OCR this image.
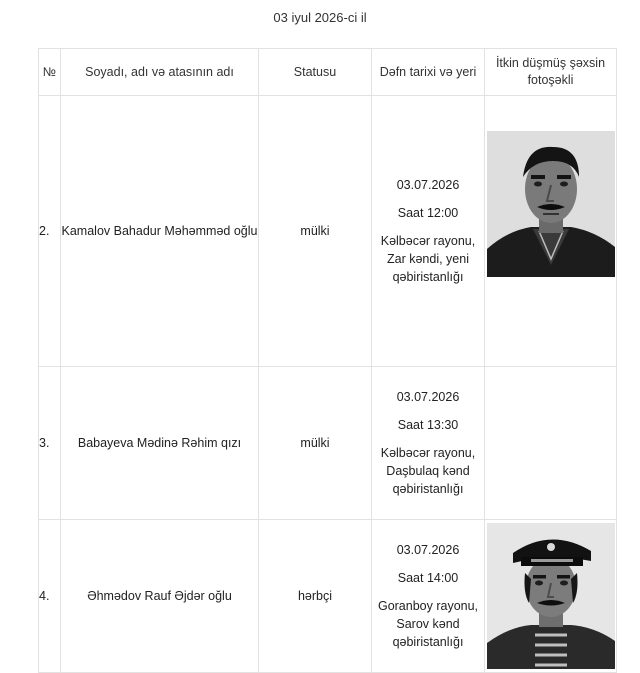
03 iyul 2026-ci il
№	Soyadı, adı və atasının adı	Statusu	Dəfn tarixi və yeri	İtkin düşmüş şəxsin fotoşəkli
2.	Kamalov Bahadur Məhəmməd oğlu	mülki	03.07.2026

Saat 12:00

Kəlbəcər rayonu, Zar kəndi, yeni qəbiristanlığı

3.	Babayeva Mədinə Rəhim qızı	mülki	03.07.2026

Saat 13:30

Kəlbəcər rayonu, Daşbulaq kənd qəbiristanlığı	

4.	Əhmədov Rauf Əjdər oğlu	hərbçi	03.07.2026

Saat 14:00

Goranboy rayonu, Sarov kənd qəbiristanlığı
